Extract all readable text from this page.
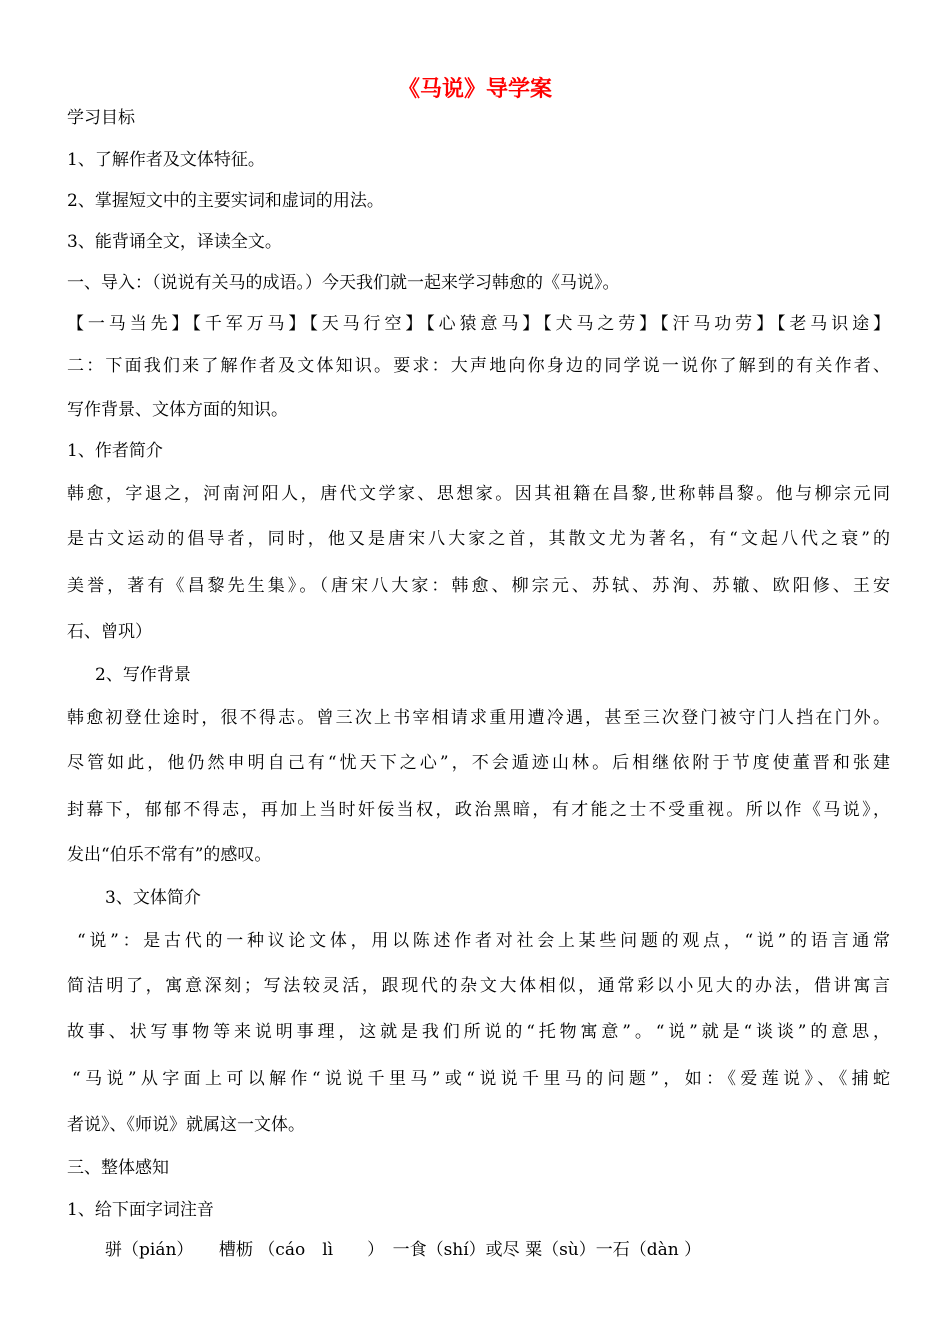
《马说》导学案
学习目标
1、了解作者及文体特征。
2、掌握短文中的主要实词和虚词的用法。
3、能背诵全文，译读全文。
一、导入：（说说有关马的成语。）今天我们就一起来学习韩愈的《马说》。
【一马当先】【千军万马】【天马行空】【心猿意马】【犬马之劳】【汗马功劳】【老马识途】
二：下面我们来了解作者及文体知识。要求：大声地向你身边的同学说一说你了解到的有关作者、
写作背景、文体方面的知识。
1、作者简介
韩愈，字退之，河南河阳人，唐代文学家、思想家。因其祖籍在昌黎,世称韩昌黎。他与柳宗元同
是古文运动的倡导者，同时，他又是唐宋八大家之首，其散文尤为著名，有“文起八代之衰”的
美誉，著有《昌黎先生集》。（唐宋八大家：韩愈、柳宗元、苏轼、苏洵、苏辙、欧阳修、王安
石、曾巩）
2、写作背景
韩愈初登仕途时，很不得志。曾三次上书宰相请求重用遭冷遇，甚至三次登门被守门人挡在门外。
尽管如此，他仍然申明自己有“忧天下之心”，不会遁迹山林。后相继依附于节度使董晋和张建
封幕下，郁郁不得志，再加上当时奸佞当权，政治黑暗，有才能之士不受重视。所以作《马说》，
发出“伯乐不常有”的感叹。
3、文体简介
“说”：是古代的一种议论文体，用以陈述作者对社会上某些问题的观点，“说”的语言通常
简洁明了，寓意深刻；写法较灵活，跟现代的杂文大体相似，通常彩以小见大的办法，借讲寓言
故事、状写事物等来说明事理，这就是我们所说的“托物寓意”。“说”就是“谈谈”的意思，
“马说”从字面上可以解作“说说千里马”或“说说千里马的问题”，如：《爱莲说》、《捕蛇
者说》、《师说》就属这一文体。
三、整体感知
1、给下面字词注音
骈（pián）　　槽枥 （cáo　lì　　）　一食（shí）或尽 粟（sù）一石（dàn ）
